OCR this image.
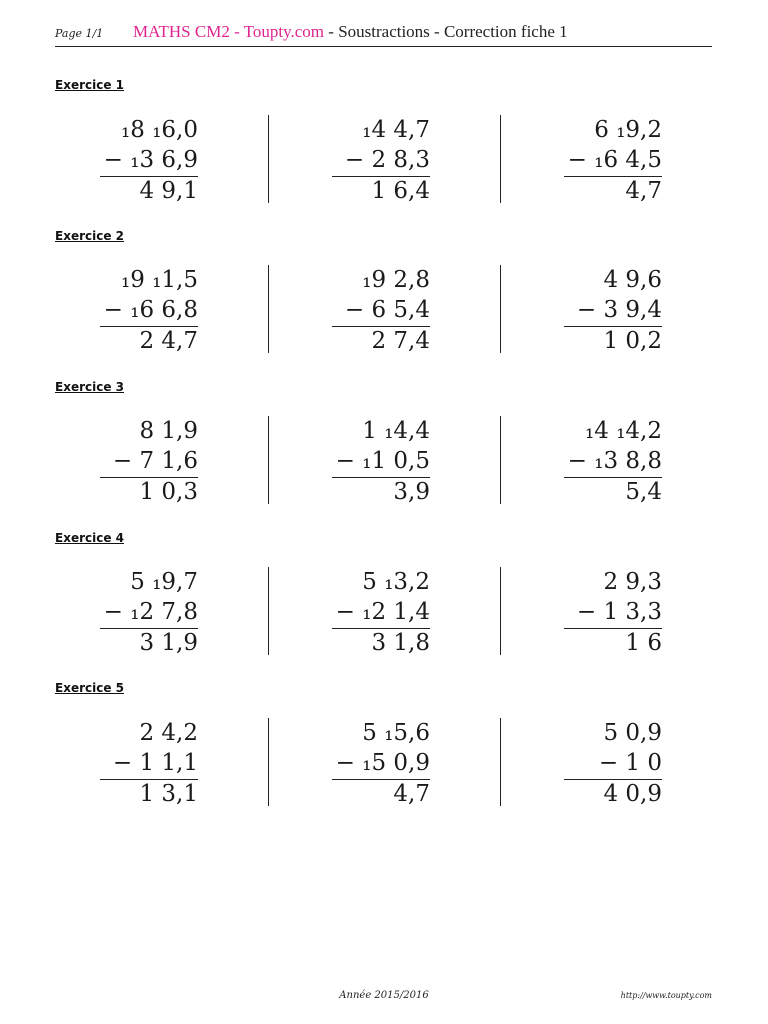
Page 1/1 MATHS CM2 - Toupty.com - Soustractions - Correction fiche 1
Exercice 1
₁8 ₁6,0
− ₁3 6,9
4 9,1
₁4 4,7
− 2 8,3
1 6,4
6 ₁9,2
− ₁6 4,5
4,7
Exercice 2
₁9 ₁1,5
− ₁6 6,8
2 4,7
₁9 2,8
− 6 5,4
2 7,4
4 9,6
− 3 9,4
1 0,2
Exercice 3
8 1,9
− 7 1,6
1 0,3
1 ₁4,4
− ₁1 0,5
3,9
₁4 ₁4,2
− ₁3 8,8
5,4
Exercice 4
5 ₁9,7
− ₁2 7,8
3 1,9
5 ₁3,2
− ₁2 1,4
3 1,8
2 9,3
− 1 3,3
1 6
Exercice 5
2 4,2
− 1 1,1
1 3,1
5 ₁5,6
− ₁5 0,9
4,7
5 0,9
− 1 0
4 0,9
Année 2015/2016	http://www.toupty.com
